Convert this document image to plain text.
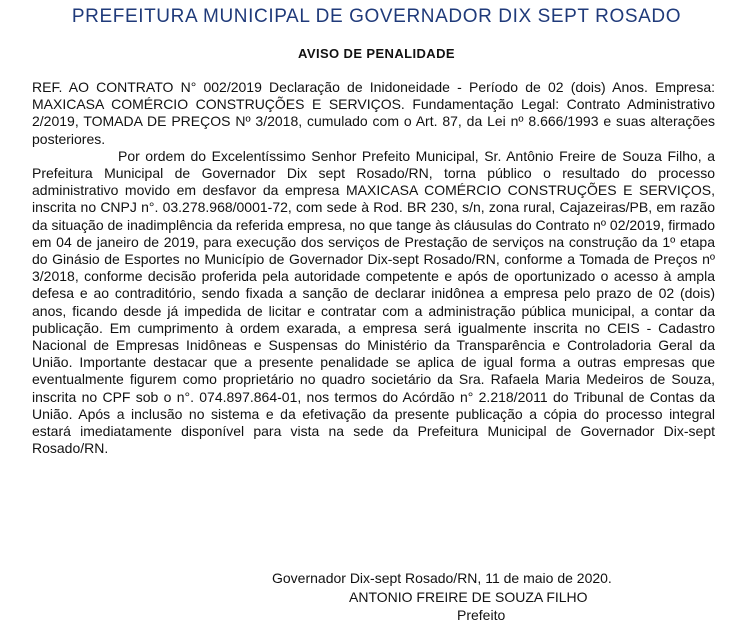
PREFEITURA MUNICIPAL DE GOVERNADOR DIX SEPT ROSADO
AVISO DE PENALIDADE

REF. AO CONTRATO N° 002/2019 Declaração de Inidoneidade - Período de 02 (dois) Anos. Empresa: MAXICASA COMÉRCIO CONSTRUÇÕES E SERVIÇOS. Fundamentação Legal: Contrato Administrativo 2/2019, TOMADA DE PREÇOS Nº 3/2018, cumulado com o Art. 87, da Lei nº 8.666/1993 e suas alterações posteriores.

Por ordem do Excelentíssimo Senhor Prefeito Municipal, Sr. Antônio Freire de Souza Filho, a Prefeitura Municipal de Governador Dix sept Rosado/RN, torna público o resultado do processo administrativo movido em desfavor da empresa MAXICASA COMÉRCIO CONSTRUÇÕES E SERVIÇOS, inscrita no CNPJ n°. 03.278.968/0001-72, com sede à Rod. BR 230, s/n, zona rural, Cajazeiras/PB, em razão da situação de inadimplência da referida empresa, no que tange às cláusulas do Contrato nº 02/2019, firmado em 04 de janeiro de 2019, para execução dos serviços de Prestação de serviços na construção da 1º etapa do Ginásio de Esportes no Município de Governador Dix-sept Rosado/RN, conforme a Tomada de Preços nº 3/2018, conforme decisão proferida pela autoridade competente e após de oportunizado o acesso à ampla defesa e ao contraditório, sendo fixada a sanção de declarar inidônea a empresa pelo prazo de 02 (dois) anos, ficando desde já impedida de licitar e contratar com a administração pública municipal, a contar da publicação. Em cumprimento à ordem exarada, a empresa será igualmente inscrita no CEIS - Cadastro Nacional de Empresas Inidôneas e Suspensas do Ministério da Transparência e Controladoria Geral da União. Importante destacar que a presente penalidade se aplica de igual forma a outras empresas que eventualmente figurem como proprietário no quadro societário da Sra. Rafaela Maria Medeiros de Souza, inscrita no CPF sob o n°. 074.897.864-01, nos termos do Acórdão n° 2.218/2011 do Tribunal de Contas da União. Após a inclusão no sistema e da efetivação da presente publicação a cópia do processo integral estará imediatamente disponível para vista na sede da Prefeitura Municipal de Governador Dix-sept Rosado/RN.

Governador Dix-sept Rosado/RN, 11 de maio de 2020.
ANTONIO FREIRE DE SOUZA FILHO
Prefeito
